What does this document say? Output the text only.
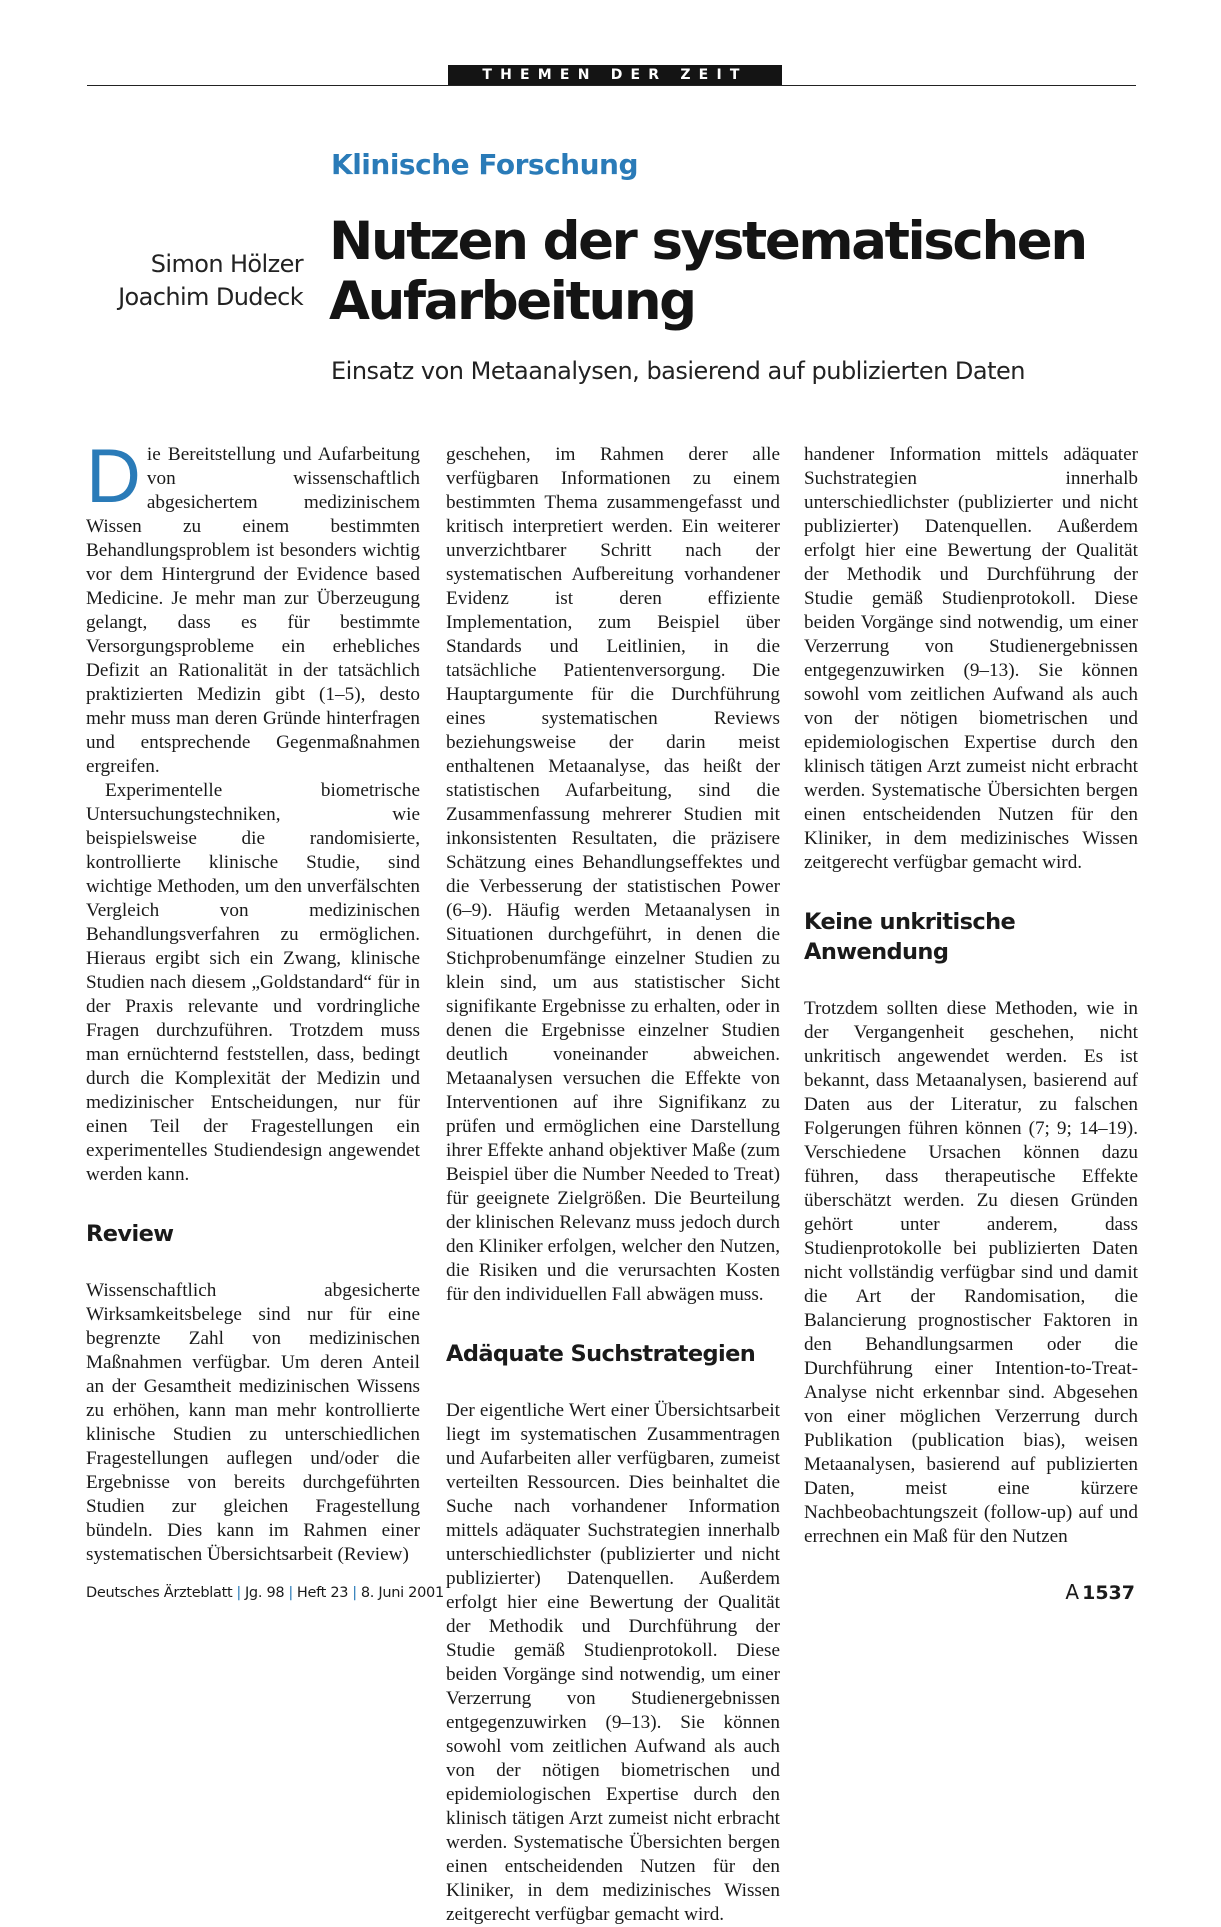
THEMEN DER ZEIT
Klinische Forschung
Simon Hölzer
Joachim Dudeck
Nutzen der systematischen
Aufarbeitung
Einsatz von Metaanalysen, basierend auf publizierten Daten

Die Bereitstellung und Aufarbeitung von wissenschaftlich abgesichertem medizinischem Wissen zu einem bestimmten Behandlungsproblem ist besonders wichtig vor dem Hintergrund der Evidence based Medicine. Je mehr man zur Überzeugung gelangt, dass es für bestimmte Versorgungsprobleme ein erhebliches Defizit an Rationalität in der tatsächlich praktizierten Medizin gibt (1–5), desto mehr muss man deren Gründe hinterfragen und entsprechende Gegenmaßnahmen ergreifen.

Experimentelle biometrische Untersuchungstechniken, wie beispielsweise die randomisierte, kontrollierte klinische Studie, sind wichtige Methoden, um den unverfälschten Vergleich von medizinischen Behandlungsverfahren zu ermöglichen. Hieraus ergibt sich ein Zwang, klinische Studien nach diesem „Goldstandard“ für in der Praxis relevante und vordringliche Fragen durchzuführen. Trotzdem muss man ernüchternd feststellen, dass, bedingt durch die Komplexität der Medizin und medizinischer Entscheidungen, nur für einen Teil der Fragestellungen ein experimentelles Studiendesign angewendet werden kann.

Review

Wissenschaftlich abgesicherte Wirksamkeitsbelege sind nur für eine begrenzte Zahl von medizinischen Maßnahmen verfügbar. Um deren Anteil an der Gesamtheit medizinischen Wissens zu erhöhen, kann man mehr kontrollierte klinische Studien zu unterschiedlichen Fragestellungen auflegen und/oder die Ergebnisse von bereits durchgeführten Studien zur gleichen Fragestellung bündeln. Dies kann im Rahmen einer systematischen Übersichtsarbeit (Review)

geschehen, im Rahmen derer alle verfügbaren Informationen zu einem bestimmten Thema zusammengefasst und kritisch interpretiert werden. Ein weiterer unverzichtbarer Schritt nach der systematischen Aufbereitung vorhandener Evidenz ist deren effiziente Implementation, zum Beispiel über Standards und Leitlinien, in die tatsächliche Patientenversorgung. Die Hauptargumente für die Durchführung eines systematischen Reviews beziehungsweise der darin meist enthaltenen Metaanalyse, das heißt der statistischen Aufarbeitung, sind die Zusammenfassung mehrerer Studien mit inkonsistenten Resultaten, die präzisere Schätzung eines Behandlungseffektes und die Verbesserung der statistischen Power (6–9). Häufig werden Metaanalysen in Situationen durchgeführt, in denen die Stichprobenumfänge einzelner Studien zu klein sind, um aus statistischer Sicht signifikante Ergebnisse zu erhalten, oder in denen die Ergebnisse einzelner Studien deutlich voneinander abweichen. Metaanalysen versuchen die Effekte von Interventionen auf ihre Signifikanz zu prüfen und ermöglichen eine Darstellung ihrer Effekte anhand objektiver Maße (zum Beispiel über die Number Needed to Treat) für geeignete Zielgrößen. Die Beurteilung der klinischen Relevanz muss jedoch durch den Kliniker erfolgen, welcher den Nutzen, die Risiken und die verursachten Kosten für den individuellen Fall abwägen muss.

Adäquate Suchstrategien

Der eigentliche Wert einer Übersichtsarbeit liegt im systematischen Zusammentragen und Aufarbeiten aller verfügbaren, zumeist verteilten Ressourcen. Dies beinhaltet die Suche nach vorhandener Information mittels adäquater Suchstrategien innerhalb unterschiedlichster (publizierter und nicht publizierter) Datenquellen. Außerdem erfolgt hier eine Bewertung der Qualität der Methodik und Durchführung der Studie gemäß Studienprotokoll. Diese beiden Vorgänge sind notwendig, um einer Verzerrung von Studienergebnissen entgegenzuwirken (9–13). Sie können sowohl vom zeitlichen Aufwand als auch von der nötigen biometrischen und epidemiologischen Expertise durch den klinisch tätigen Arzt zumeist nicht erbracht werden. Systematische Übersichten bergen einen entscheidenden Nutzen für den Kliniker, in dem medizinisches Wissen zeitgerecht verfügbar gemacht wird.

handener Information mittels adäquater Suchstrategien innerhalb unterschiedlichster (publizierter und nicht publizierter) Datenquellen. Außerdem erfolgt hier eine Bewertung der Qualität der Methodik und Durchführung der Studie gemäß Studienprotokoll. Diese beiden Vorgänge sind notwendig, um einer Verzerrung von Studienergebnissen entgegenzuwirken (9–13). Sie können sowohl vom zeitlichen Aufwand als auch von der nötigen biometrischen und epidemiologischen Expertise durch den klinisch tätigen Arzt zumeist nicht erbracht werden. Systematische Übersichten bergen einen entscheidenden Nutzen für den Kliniker, in dem medizinisches Wissen zeitgerecht verfügbar gemacht wird.

Keine unkritische Anwendung

Trotzdem sollten diese Methoden, wie in der Vergangenheit geschehen, nicht unkritisch angewendet werden. Es ist bekannt, dass Metaanalysen, basierend auf Daten aus der Literatur, zu falschen Folgerungen führen können (7; 9; 14–19). Verschiedene Ursachen können dazu führen, dass therapeutische Effekte überschätzt werden. Zu diesen Gründen gehört unter anderem, dass Studienprotokolle bei publizierten Daten nicht vollständig verfügbar sind und damit die Art der Randomisation, die Balancierung prognostischer Faktoren in den Behandlungsarmen oder die Durchführung einer Intention-to-Treat-Analyse nicht erkennbar sind. Abgesehen von einer möglichen Verzerrung durch Publikation (publication bias), weisen Metaanalysen, basierend auf publizierten Daten, meist eine kürzere Nachbeobachtungszeit (follow-up) auf und errechnen ein Maß für den Nutzen

Deutsches Ärzteblatt | Jg. 98 | Heft 23 | 8. Juni 2001	A 1537
